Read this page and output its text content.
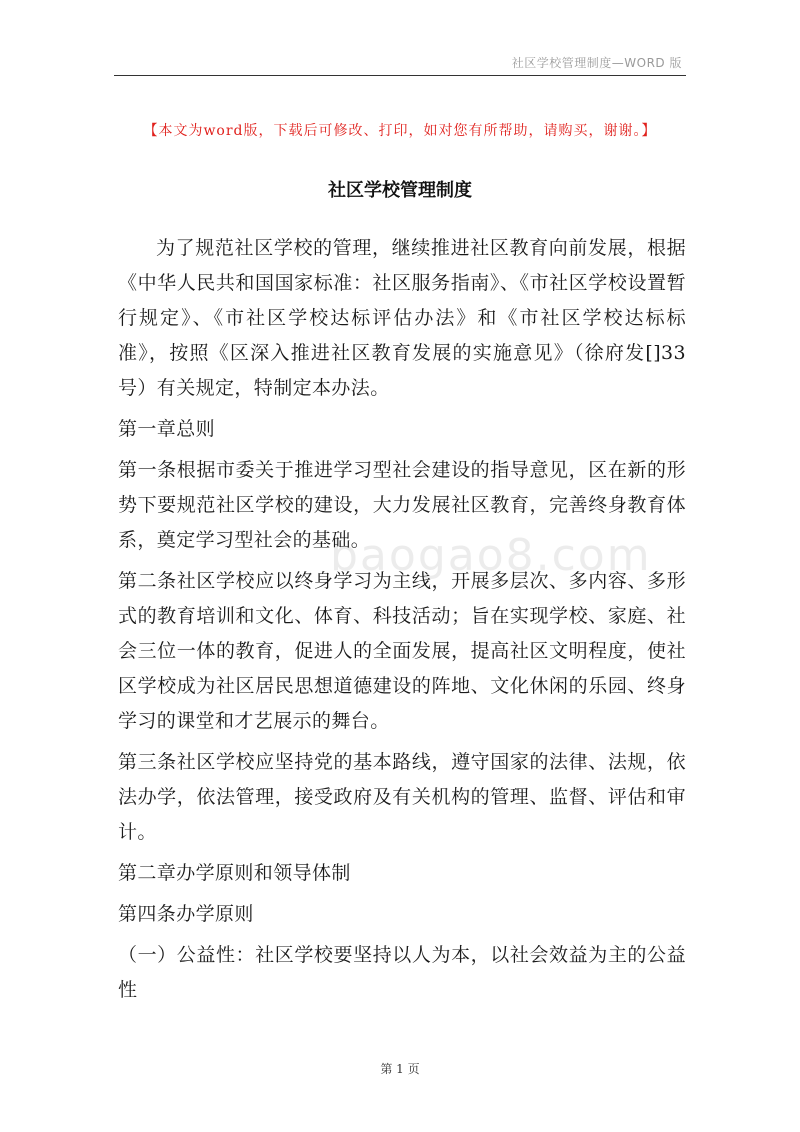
社区学校管理制度—WORD 版
【本文为word版，下载后可修改、打印，如对您有所帮助，请购买，谢谢。】
社区学校管理制度
baogao8.com

为了规范社区学校的管理，继续推进社区教育向前发展，根据《中华人民共和国国家标准：社区服务指南》、《市社区学校设置暂行规定》、《市社区学校达标评估办法》和《市社区学校达标标准》，按照《区深入推进社区教育发展的实施意见》（徐府发[]33号）有关规定，特制定本办法。

第一章总则

第一条根据市委关于推进学习型社会建设的指导意见，区在新的形势下要规范社区学校的建设，大力发展社区教育，完善终身教育体系，奠定学习型社会的基础。

第二条社区学校应以终身学习为主线，开展多层次、多内容、多形式的教育培训和文化、体育、科技活动；旨在实现学校、家庭、社会三位一体的教育，促进人的全面发展，提高社区文明程度，使社区学校成为社区居民思想道德建设的阵地、文化休闲的乐园、终身学习的课堂和才艺展示的舞台。

第三条社区学校应坚持党的基本路线，遵守国家的法律、法规，依法办学，依法管理，接受政府及有关机构的管理、监督、评估和审计。

第二章办学原则和领导体制

第四条办学原则

（一）公益性：社区学校要坚持以人为本，以社会效益为主的公益性

第 1 页
